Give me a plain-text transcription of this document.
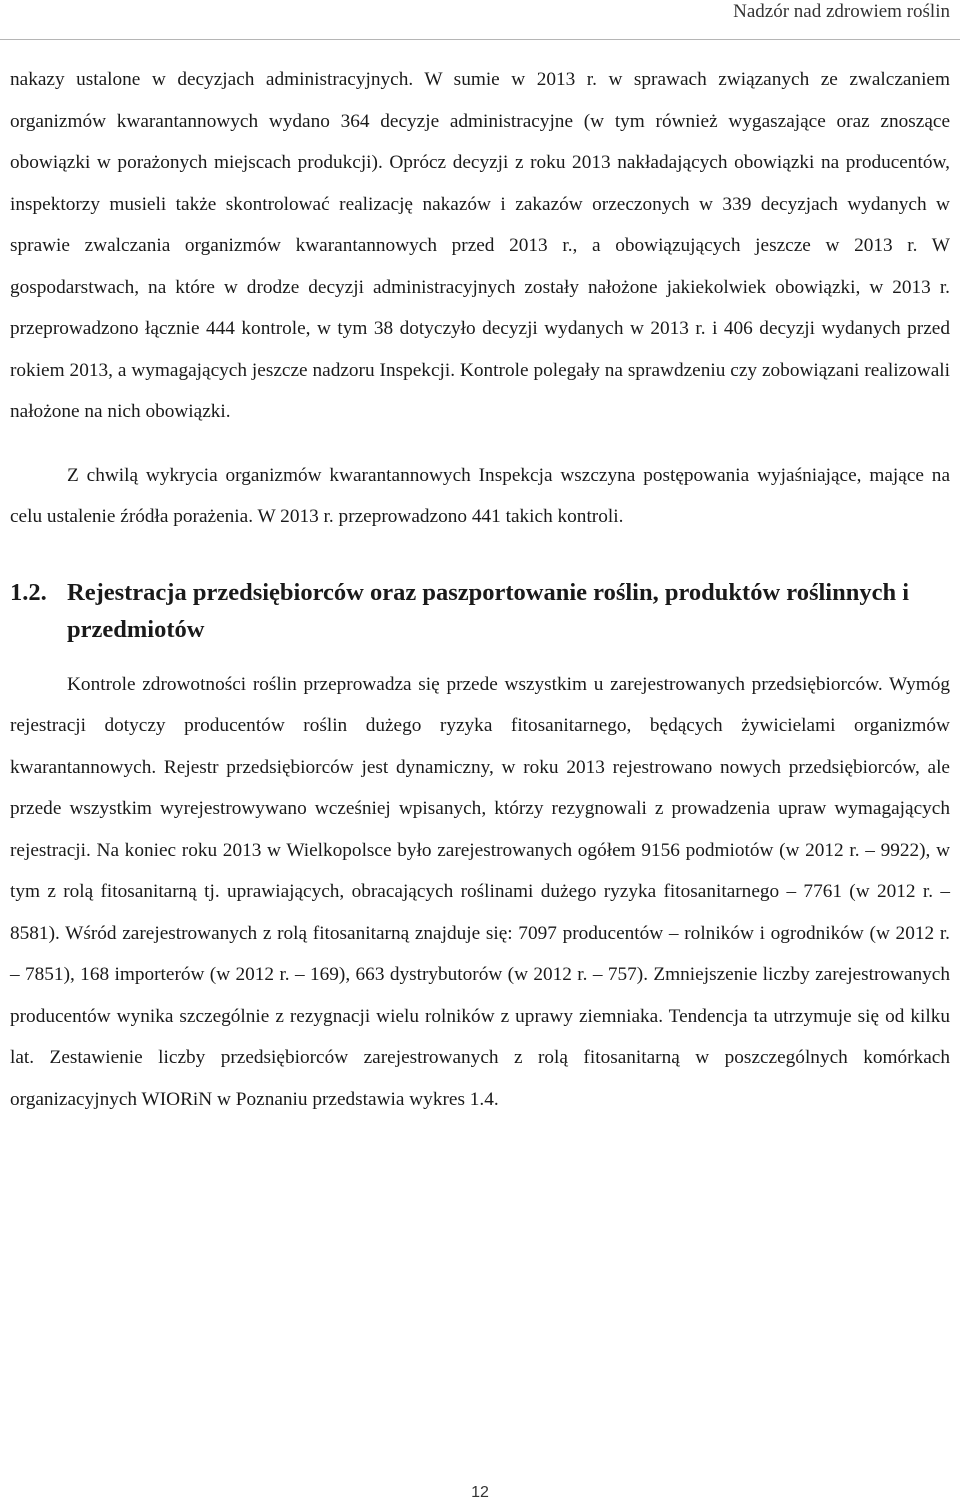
Nadzór nad zdrowiem roślin

nakazy ustalone w decyzjach administracyjnych. W sumie w 2013 r. w sprawach związanych ze zwalczaniem organizmów kwarantannowych wydano 364 decyzje administracyjne (w tym również wygaszające oraz znoszące obowiązki w porażonych miejscach produkcji). Oprócz decyzji z roku 2013 nakładających obowiązki na producentów, inspektorzy musieli także skontrolować realizację nakazów i zakazów orzeczonych w 339 decyzjach wydanych w sprawie zwalczania organizmów kwarantannowych przed 2013 r., a obowiązujących jeszcze w 2013 r. W gospodarstwach, na które w drodze decyzji administracyjnych zostały nałożone jakiekolwiek obowiązki, w 2013 r. przeprowadzono łącznie 444 kontrole, w tym 38 dotyczyło decyzji wydanych w 2013 r. i 406 decyzji wydanych przed rokiem 2013, a wymagających jeszcze nadzoru Inspekcji. Kontrole polegały na sprawdzeniu czy zobowiązani realizowali nałożone na nich obowiązki.

Z chwilą wykrycia organizmów kwarantannowych Inspekcja wszczyna postępowania wyjaśniające, mające na celu ustalenie źródła porażenia. W 2013 r. przeprowadzono 441 takich kontroli.

1.2. Rejestracja przedsiębiorców oraz paszportowanie roślin, produktów roślinnych i przedmiotów

Kontrole zdrowotności roślin przeprowadza się przede wszystkim u zarejestrowanych przedsiębiorców. Wymóg rejestracji dotyczy producentów roślin dużego ryzyka fitosanitarnego, będących żywicielami organizmów kwarantannowych. Rejestr przedsiębiorców jest dynamiczny, w roku 2013 rejestrowano nowych przedsiębiorców, ale przede wszystkim wyrejestrowywano wcześniej wpisanych, którzy rezygnowali z prowadzenia upraw wymagających rejestracji. Na koniec roku 2013 w Wielkopolsce było zarejestrowanych ogółem 9156 podmiotów (w 2012 r. – 9922), w tym z rolą fitosanitarną tj. uprawiających, obracających roślinami dużego ryzyka fitosanitarnego – 7761 (w 2012 r. – 8581). Wśród zarejestrowanych z rolą fitosanitarną znajduje się: 7097 producentów – rolników i ogrodników (w 2012 r. – 7851), 168 importerów (w 2012 r. – 169), 663 dystrybutorów (w 2012 r. – 757). Zmniejszenie liczby zarejestrowanych producentów wynika szczególnie z rezygnacji wielu rolników z uprawy ziemniaka. Tendencja ta utrzymuje się od kilku lat. Zestawienie liczby przedsiębiorców zarejestrowanych z rolą fitosanitarną w poszczególnych komórkach organizacyjnych WIORiN w Poznaniu przedstawia wykres 1.4.

12
